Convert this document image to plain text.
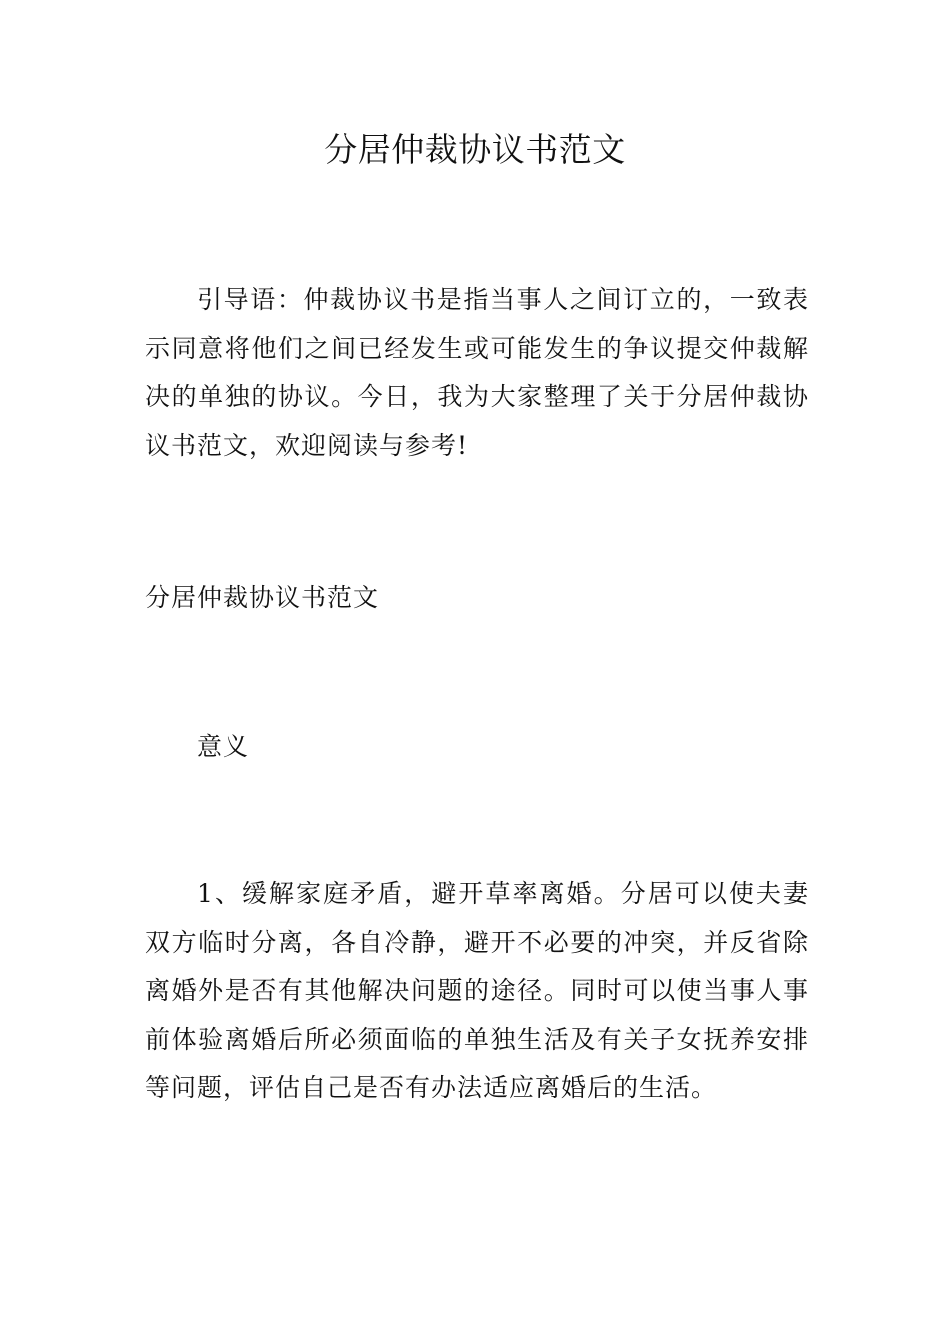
分居仲裁协议书范文

引导语：仲裁协议书是指当事人之间订立的，一致表示同意将他们之间已经发生或可能发生的争议提交仲裁解决的单独的协议。今日，我为大家整理了关于分居仲裁协议书范文，欢迎阅读与参考!

分居仲裁协议书范文

意义

1、缓解家庭矛盾，避开草率离婚。分居可以使夫妻双方临时分离，各自冷静，避开不必要的冲突，并反省除离婚外是否有其他解决问题的途径。同时可以使当事人事前体验离婚后所必须面临的单独生活及有关子女抚养安排等问题，评估自己是否有办法适应离婚后的生活。
